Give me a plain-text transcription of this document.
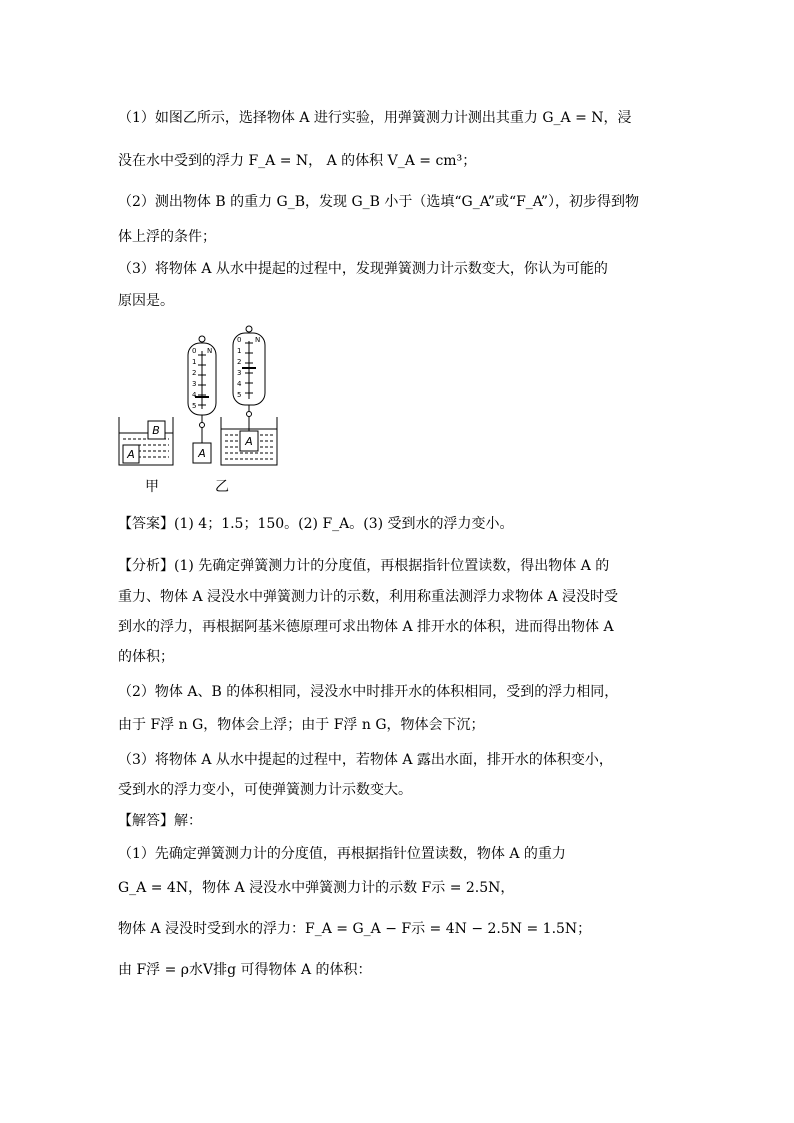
（1）如图乙所示，选择物体 A 进行实验，用弹簧测力计测出其重力 G_A = N，浸
没在水中受到的浮力 F_A = N， A 的体积 V_A = cm³；
（2）测出物体 B 的重力 G_B，发现 G_B 小于（选填“G_A”或“F_A”），初步得到物
体上浮的条件；
（3）将物体 A 从水中提起的过程中，发现弹簧测力计示数变大，你认为可能的
原因是。
A
B
0
1
2
3
4
5
N
A
0
1
2
3
4
5
N
A
甲	乙
【答案】(1) 4；1.5；150。(2) F_A。(3) 受到水的浮力变小。
【分析】(1) 先确定弹簧测力计的分度值，再根据指针位置读数，得出物体 A 的
重力、物体 A 浸没水中弹簧测力计的示数，利用称重法测浮力求物体 A 浸没时受
到水的浮力，再根据阿基米德原理可求出物体 A 排开水的体积，进而得出物体 A
的体积；
（2）物体 A、B 的体积相同，浸没水中时排开水的体积相同，受到的浮力相同，
由于 F浮 n G，物体会上浮；由于 F浮 n G，物体会下沉；
（3）将物体 A 从水中提起的过程中，若物体 A 露出水面，排开水的体积变小，
受到水的浮力变小，可使弹簧测力计示数变大。
【解答】解：
（1）先确定弹簧测力计的分度值，再根据指针位置读数，物体 A 的重力
G_A = 4N，物体 A 浸没水中弹簧测力计的示数 F示 = 2.5N，
物体 A 浸没时受到水的浮力：F_A = G_A − F示 = 4N − 2.5N = 1.5N；
由 F浮 = ρ水V排g 可得物体 A 的体积：
